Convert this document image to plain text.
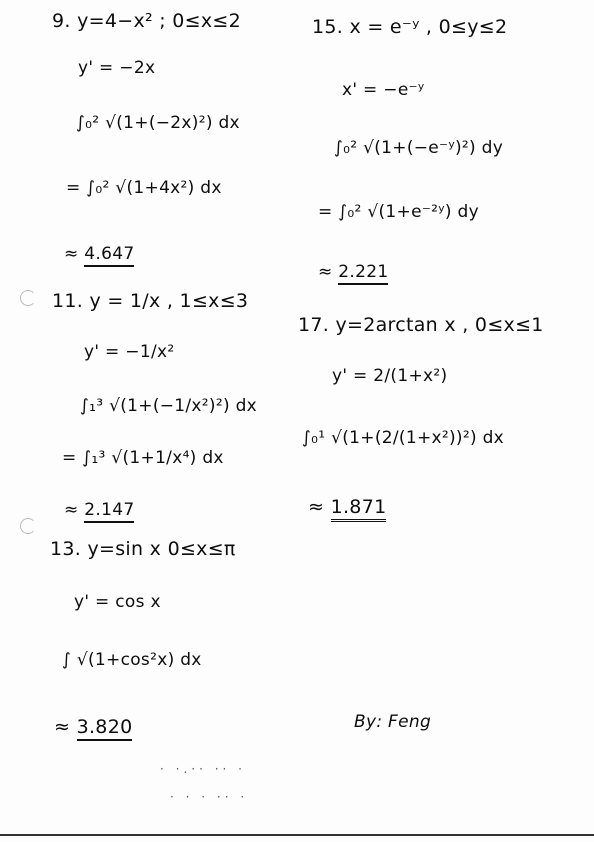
9. y=4−x² ; 0≤x≤2
y' = −2x
∫₀² √(1+(−2x)²) dx
= ∫₀² √(1+4x²) dx
≈ 4.647
11. y = 1/x , 1≤x≤3
y' = −1/x²
∫₁³ √(1+(−1/x²)²) dx
= ∫₁³ √(1+1/x⁴) dx
≈ 2.147
13. y=sin x 0≤x≤π
y' = cos x
∫ √(1+cos²x) dx
≈ 3.820
15. x = e⁻ʸ , 0≤y≤2
x' = −e⁻ʸ
∫₀² √(1+(−e⁻ʸ)²) dy
= ∫₀² √(1+e⁻²ʸ) dy
≈ 2.221
17. y=2arctan x , 0≤x≤1
y' = 2/(1+x²)
∫₀¹ √(1+(2/(1+x²))²) dx
≈ 1.871
By: Feng
· ·.·· ·· ·
· · · ·· ·
